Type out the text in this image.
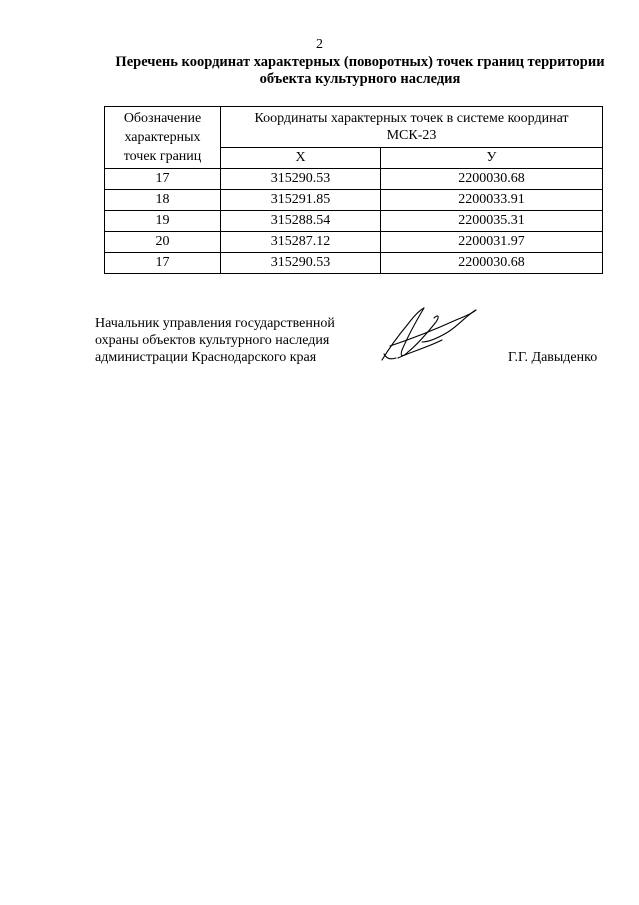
2
Перечень координат характерных (поворотных) точек границ территории
объекта культурного наследия
Обозначение
характерных
точек границ	Координаты характерных точек в системе координат
МСК-23	
	X	У
17	315290.53	2200030.68
18	315291.85	2200033.91
19	315288.54	2200035.31
20	315287.12	2200031.97
17	315290.53	2200030.68
Начальник управления государственной
охраны объектов культурного наследия
администрации Краснодарского края	Г.Г. Давыденко
